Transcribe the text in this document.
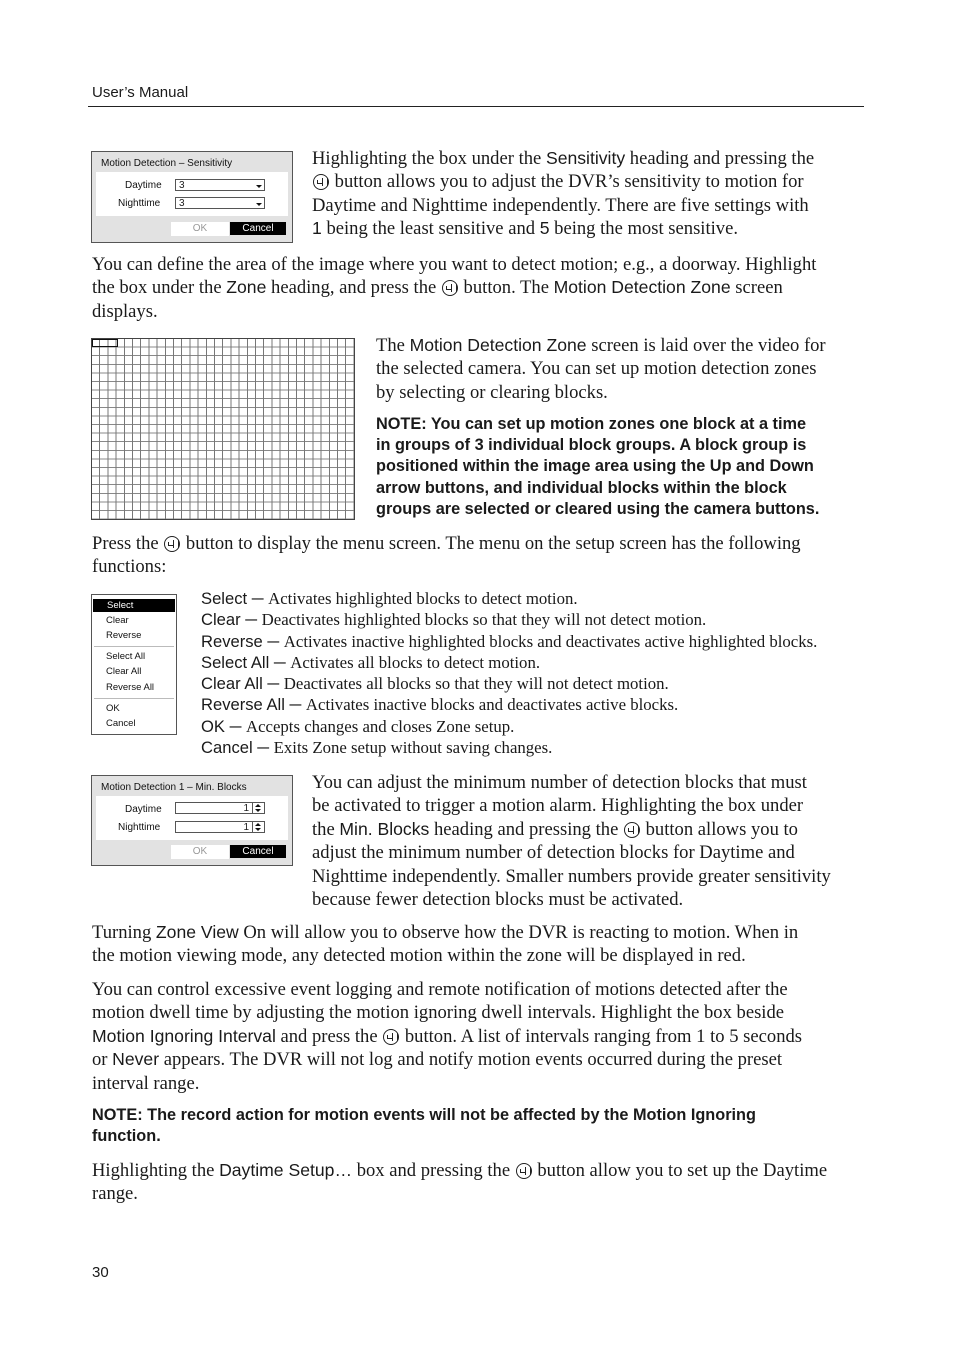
User’s Manual
Motion Detection – Sensitivity
Daytime	3
Nighttime	3
OK	Cancel

Highlighting the box under the Sensitivity heading and pressing the
button allows you to adjust the DVR’s sensitivity to motion for
Daytime and Nighttime independently. There are five settings with
1 being the least sensitive and 5 being the most sensitive.

You can define the area of the image where you want to detect motion; e.g., a doorway. Highlight
the box under the Zone heading, and press the  button. The Motion Detection Zone screen
displays.

The Motion Detection Zone screen is laid over the video for
the selected camera. You can set up motion detection zones
by selecting or clearing blocks.

NOTE: You can set up motion zones one block at a time
in groups of 3 individual block groups. A block group is
positioned within the image area using the Up and Down
arrow buttons, and individual blocks within the block
groups are selected or cleared using the camera buttons.

Press the  button to display the menu screen. The menu on the setup screen has the following
functions:

Select
Clear
Reverse
Select All
Clear All
Reverse All
OK
Cancel

Select ─ Activates highlighted blocks to detect motion.

Clear ─ Deactivates highlighted blocks so that they will not detect motion.

Reverse ─ Activates inactive highlighted blocks and deactivates active highlighted blocks.

Select All ─ Activates all blocks to detect motion.

Clear All ─ Deactivates all blocks so that they will not detect motion.

Reverse All ─ Activates inactive blocks and deactivates active blocks.

OK ─ Accepts changes and closes Zone setup.

Cancel ─ Exits Zone setup without saving changes.

Motion Detection 1 – Min. Blocks
Daytime	1
Nighttime	1
OK	Cancel

You can adjust the minimum number of detection blocks that must
be activated to trigger a motion alarm. Highlighting the box under
the Min. Blocks heading and pressing the  button allows you to
adjust the minimum number of detection blocks for Daytime and
Nighttime independently. Smaller numbers provide greater sensitivity
because fewer detection blocks must be activated.

Turning Zone View On will allow you to observe how the DVR is reacting to motion. When in
the motion viewing mode, any detected motion within the zone will be displayed in red.

You can control excessive event logging and remote notification of motions detected after the
motion dwell time by adjusting the motion ignoring dwell intervals. Highlight the box beside
Motion Ignoring Interval and press the  button. A list of intervals ranging from 1 to 5 seconds
or Never appears. The DVR will not log and notify motion events occurred during the preset
interval range.

NOTE: The record action for motion events will not be affected by the Motion Ignoring
function.

Highlighting the Daytime Setup… box and pressing the  button allow you to set up the Daytime
range.

30
